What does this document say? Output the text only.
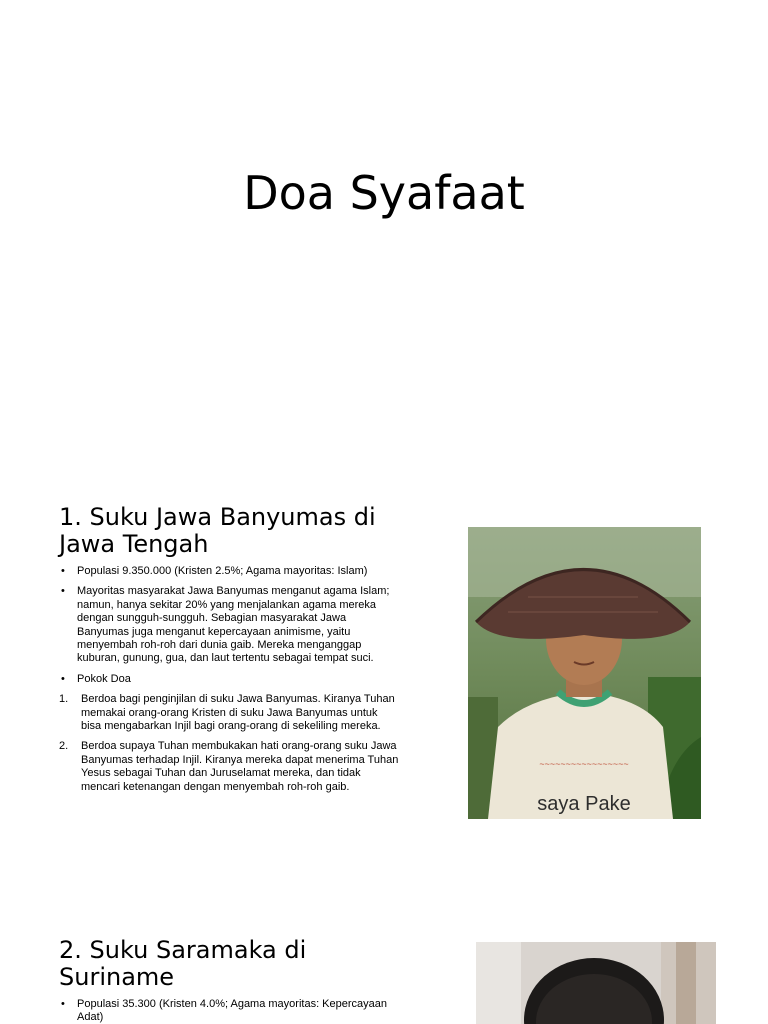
Doa Syafaat
1. Suku Jawa Banyumas di Jawa Tengah
• Populasi 9.350.000 (Kristen 2.5%; Agama mayoritas: Islam)
• Mayoritas masyarakat Jawa Banyumas menganut agama Islam; namun, hanya sekitar 20% yang menjalankan agama mereka dengan sungguh-sungguh. Sebagian masyarakat Jawa Banyumas juga menganut kepercayaan animisme, yaitu menyembah roh-roh dari dunia gaib. Mereka menganggap kuburan, gunung, gua, dan laut tertentu sebagai tempat suci.
• Pokok Doa
1. Berdoa bagi penginjilan di suku Jawa Banyumas. Kiranya Tuhan memakai orang-orang Kristen di suku Jawa Banyumas untuk bisa mengabarkan Injil bagi orang-orang di sekeliling mereka.
2. Berdoa supaya Tuhan membukakan hati orang-orang suku Jawa Banyumas terhadap Injil. Kiranya mereka dapat menerima Tuhan Yesus sebagai Tuhan dan Juruselamat mereka, dan tidak mencari ketenangan dengan menyembah roh-roh gaib.
~~~~~~~~~~~~~~~~~
saya Pake
2. Suku Saramaka di Suriname
• Populasi 35.300 (Kristen 4.0%; Agama mayoritas: Kepercayaan Adat)
